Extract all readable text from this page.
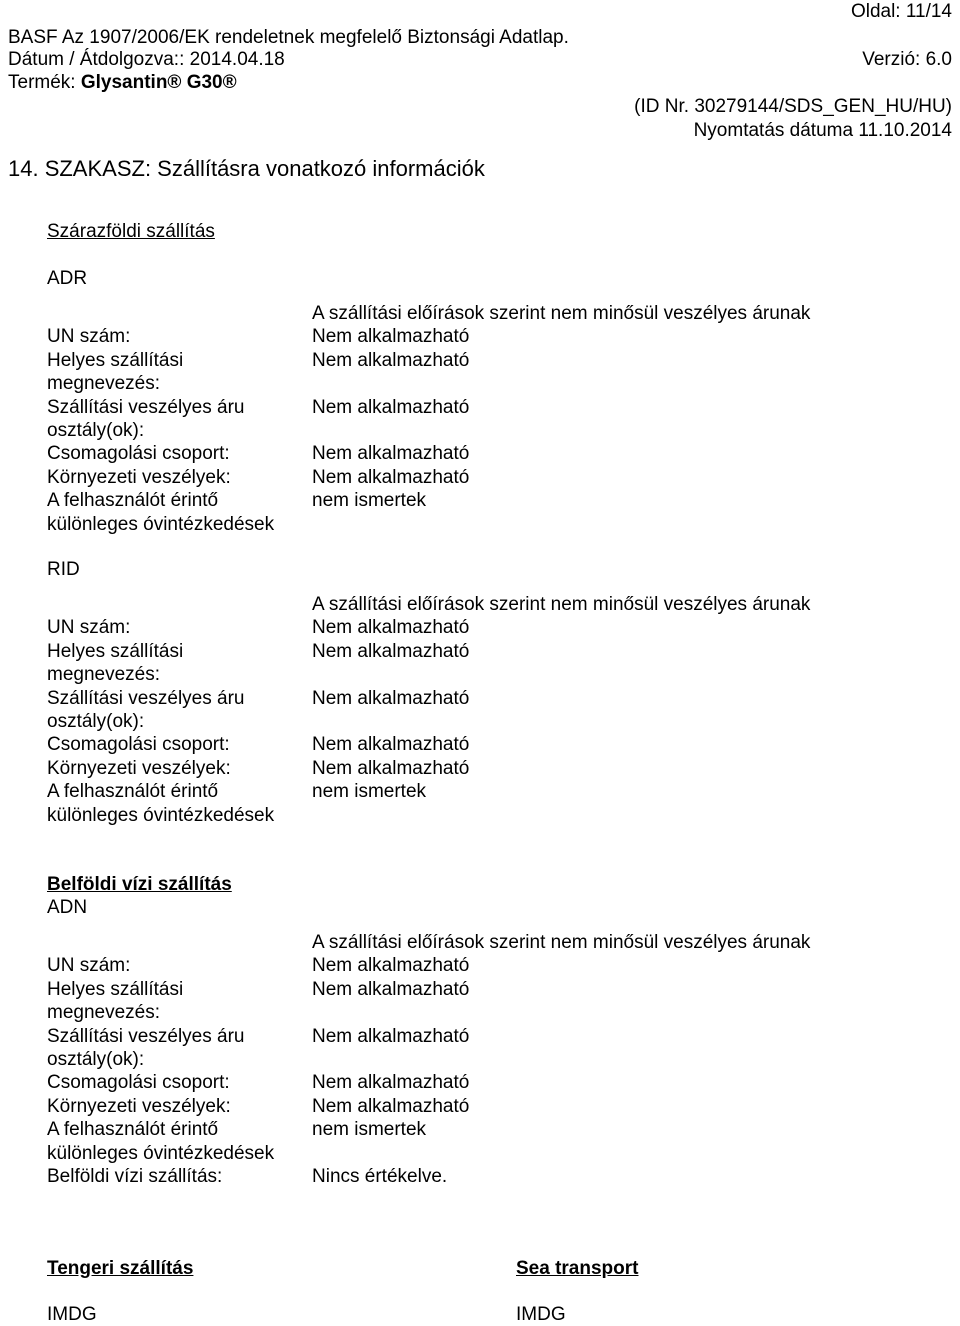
Oldal: 11/14
BASF Az 1907/2006/EK rendeletnek megfelelő Biztonsági Adatlap.
Dátum / Átdolgozva:: 2014.04.18	Verzió: 6.0
Termék: Glysantin® G30®
(ID Nr. 30279144/SDS_GEN_HU/HU)
Nyomtatás dátuma 11.10.2014
14. SZAKASZ: Szállításra vonatkozó információk
Szárazföldi szállítás
ADR
A szállítási előírások szerint nem minősül veszélyes árunak
UN szám:	Nem alkalmazható
Helyes szállítási	Nem alkalmazható
megnevezés:
Szállítási veszélyes áru	Nem alkalmazható
osztály(ok):
Csomagolási csoport:	Nem alkalmazható
Környezeti veszélyek:	Nem alkalmazható
A felhasználót érintő	nem ismertek
különleges óvintézkedések
RID
A szállítási előírások szerint nem minősül veszélyes árunak
UN szám:	Nem alkalmazható
Helyes szállítási	Nem alkalmazható
megnevezés:
Szállítási veszélyes áru	Nem alkalmazható
osztály(ok):
Csomagolási csoport:	Nem alkalmazható
Környezeti veszélyek:	Nem alkalmazható
A felhasználót érintő	nem ismertek
különleges óvintézkedések
Belföldi vízi szállítás
ADN
A szállítási előírások szerint nem minősül veszélyes árunak
UN szám:	Nem alkalmazható
Helyes szállítási	Nem alkalmazható
megnevezés:
Szállítási veszélyes áru	Nem alkalmazható
osztály(ok):
Csomagolási csoport:	Nem alkalmazható
Környezeti veszélyek:	Nem alkalmazható
A felhasználót érintő	nem ismertek
különleges óvintézkedések
Belföldi vízi szállítás:	Nincs értékelve.
Tengeri szállítás	Sea transport
IMDG	IMDG
